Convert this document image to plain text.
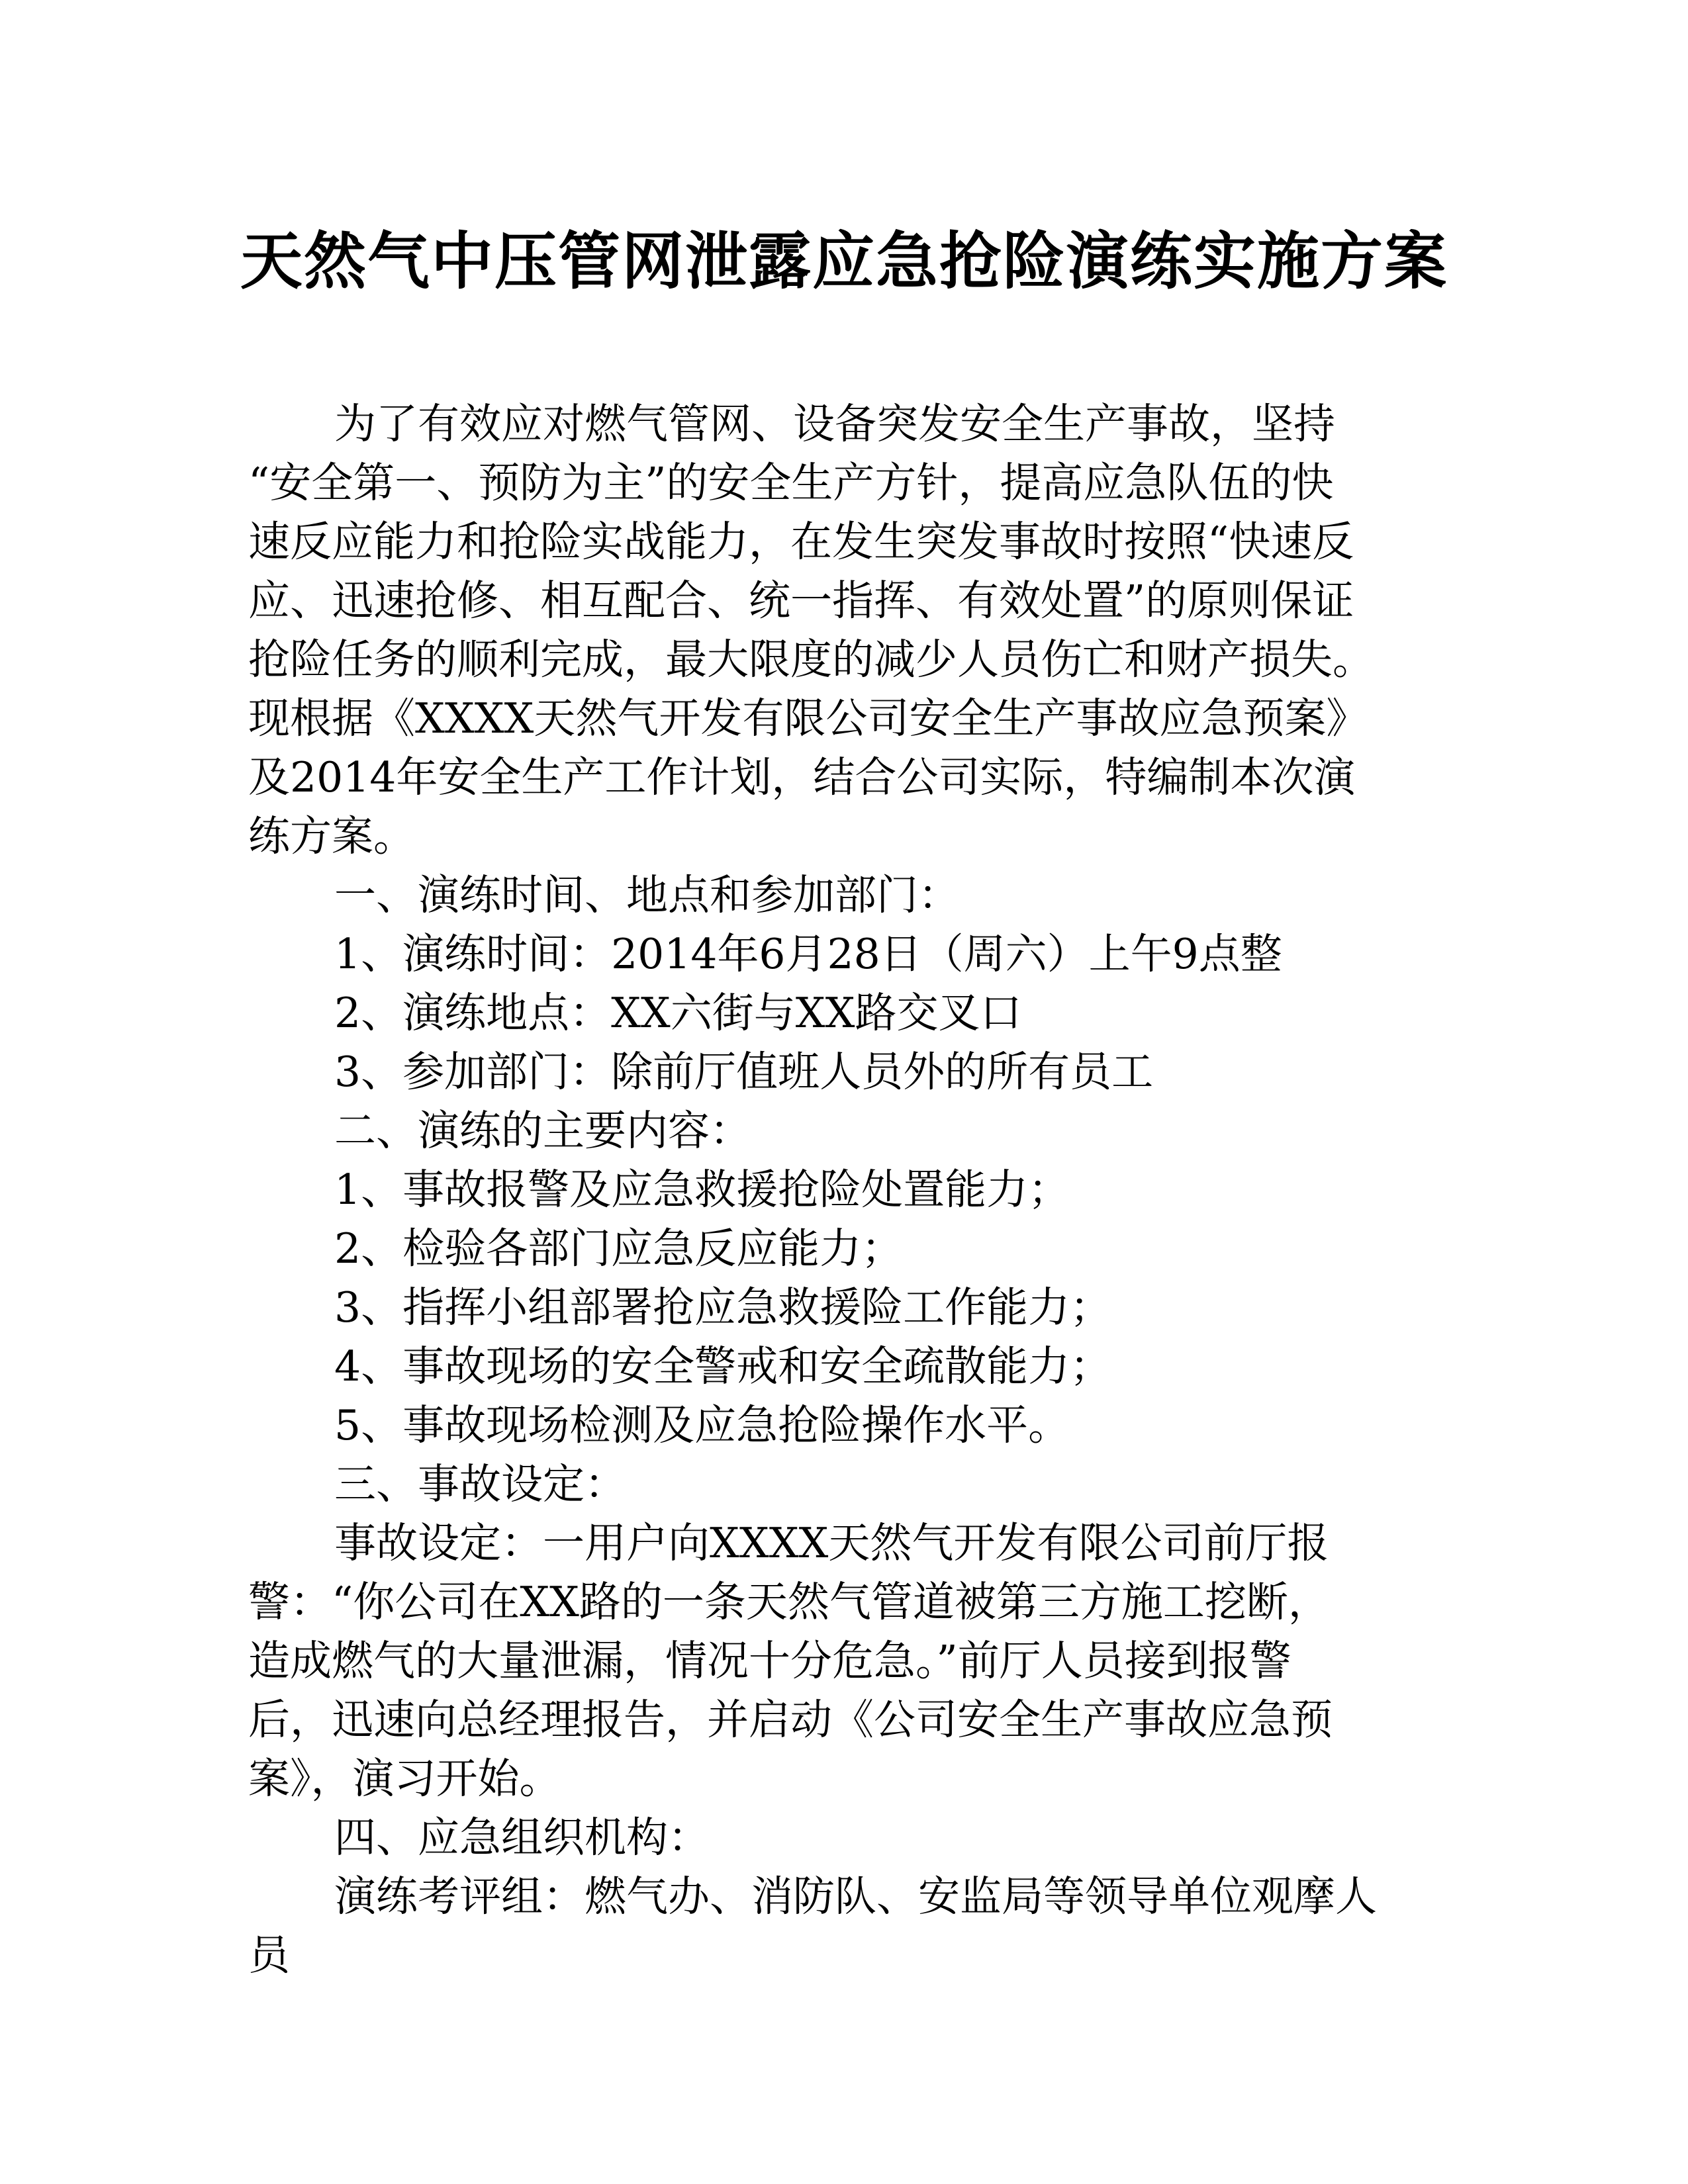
天然气中压管网泄露应急抢险演练实施方案
为了有效应对燃气管网、设备突发安全生产事故，坚持
“安全第一、预防为主”的安全生产方针，提高应急队伍的快
速反应能力和抢险实战能力，在发生突发事故时按照“快速反
应、迅速抢修、相互配合、统一指挥、有效处置”的原则保证
抢险任务的顺利完成，最大限度的减少人员伤亡和财产损失。
现根据《XXXX天然气开发有限公司安全生产事故应急预案》
及2014年安全生产工作计划，结合公司实际，特编制本次演
练方案。
一、演练时间、地点和参加部门：
1、演练时间：2014年6月28日（周六）上午9点整
2、演练地点：XX六街与XX路交叉口
3、参加部门：除前厅值班人员外的所有员工
二、演练的主要内容：
1、事故报警及应急救援抢险处置能力；
2、检验各部门应急反应能力；
3、指挥小组部署抢应急救援险工作能力；
4、事故现场的安全警戒和安全疏散能力；
5、事故现场检测及应急抢险操作水平。
三、事故设定：
事故设定：一用户向XXXX天然气开发有限公司前厅报
警：“你公司在XX路的一条天然气管道被第三方施工挖断，
造成燃气的大量泄漏，情况十分危急。”前厅人员接到报警
后，迅速向总经理报告，并启动《公司安全生产事故应急预
案》，演习开始。
四、应急组织机构：
演练考评组：燃气办、消防队、安监局等领导单位观摩人
员
